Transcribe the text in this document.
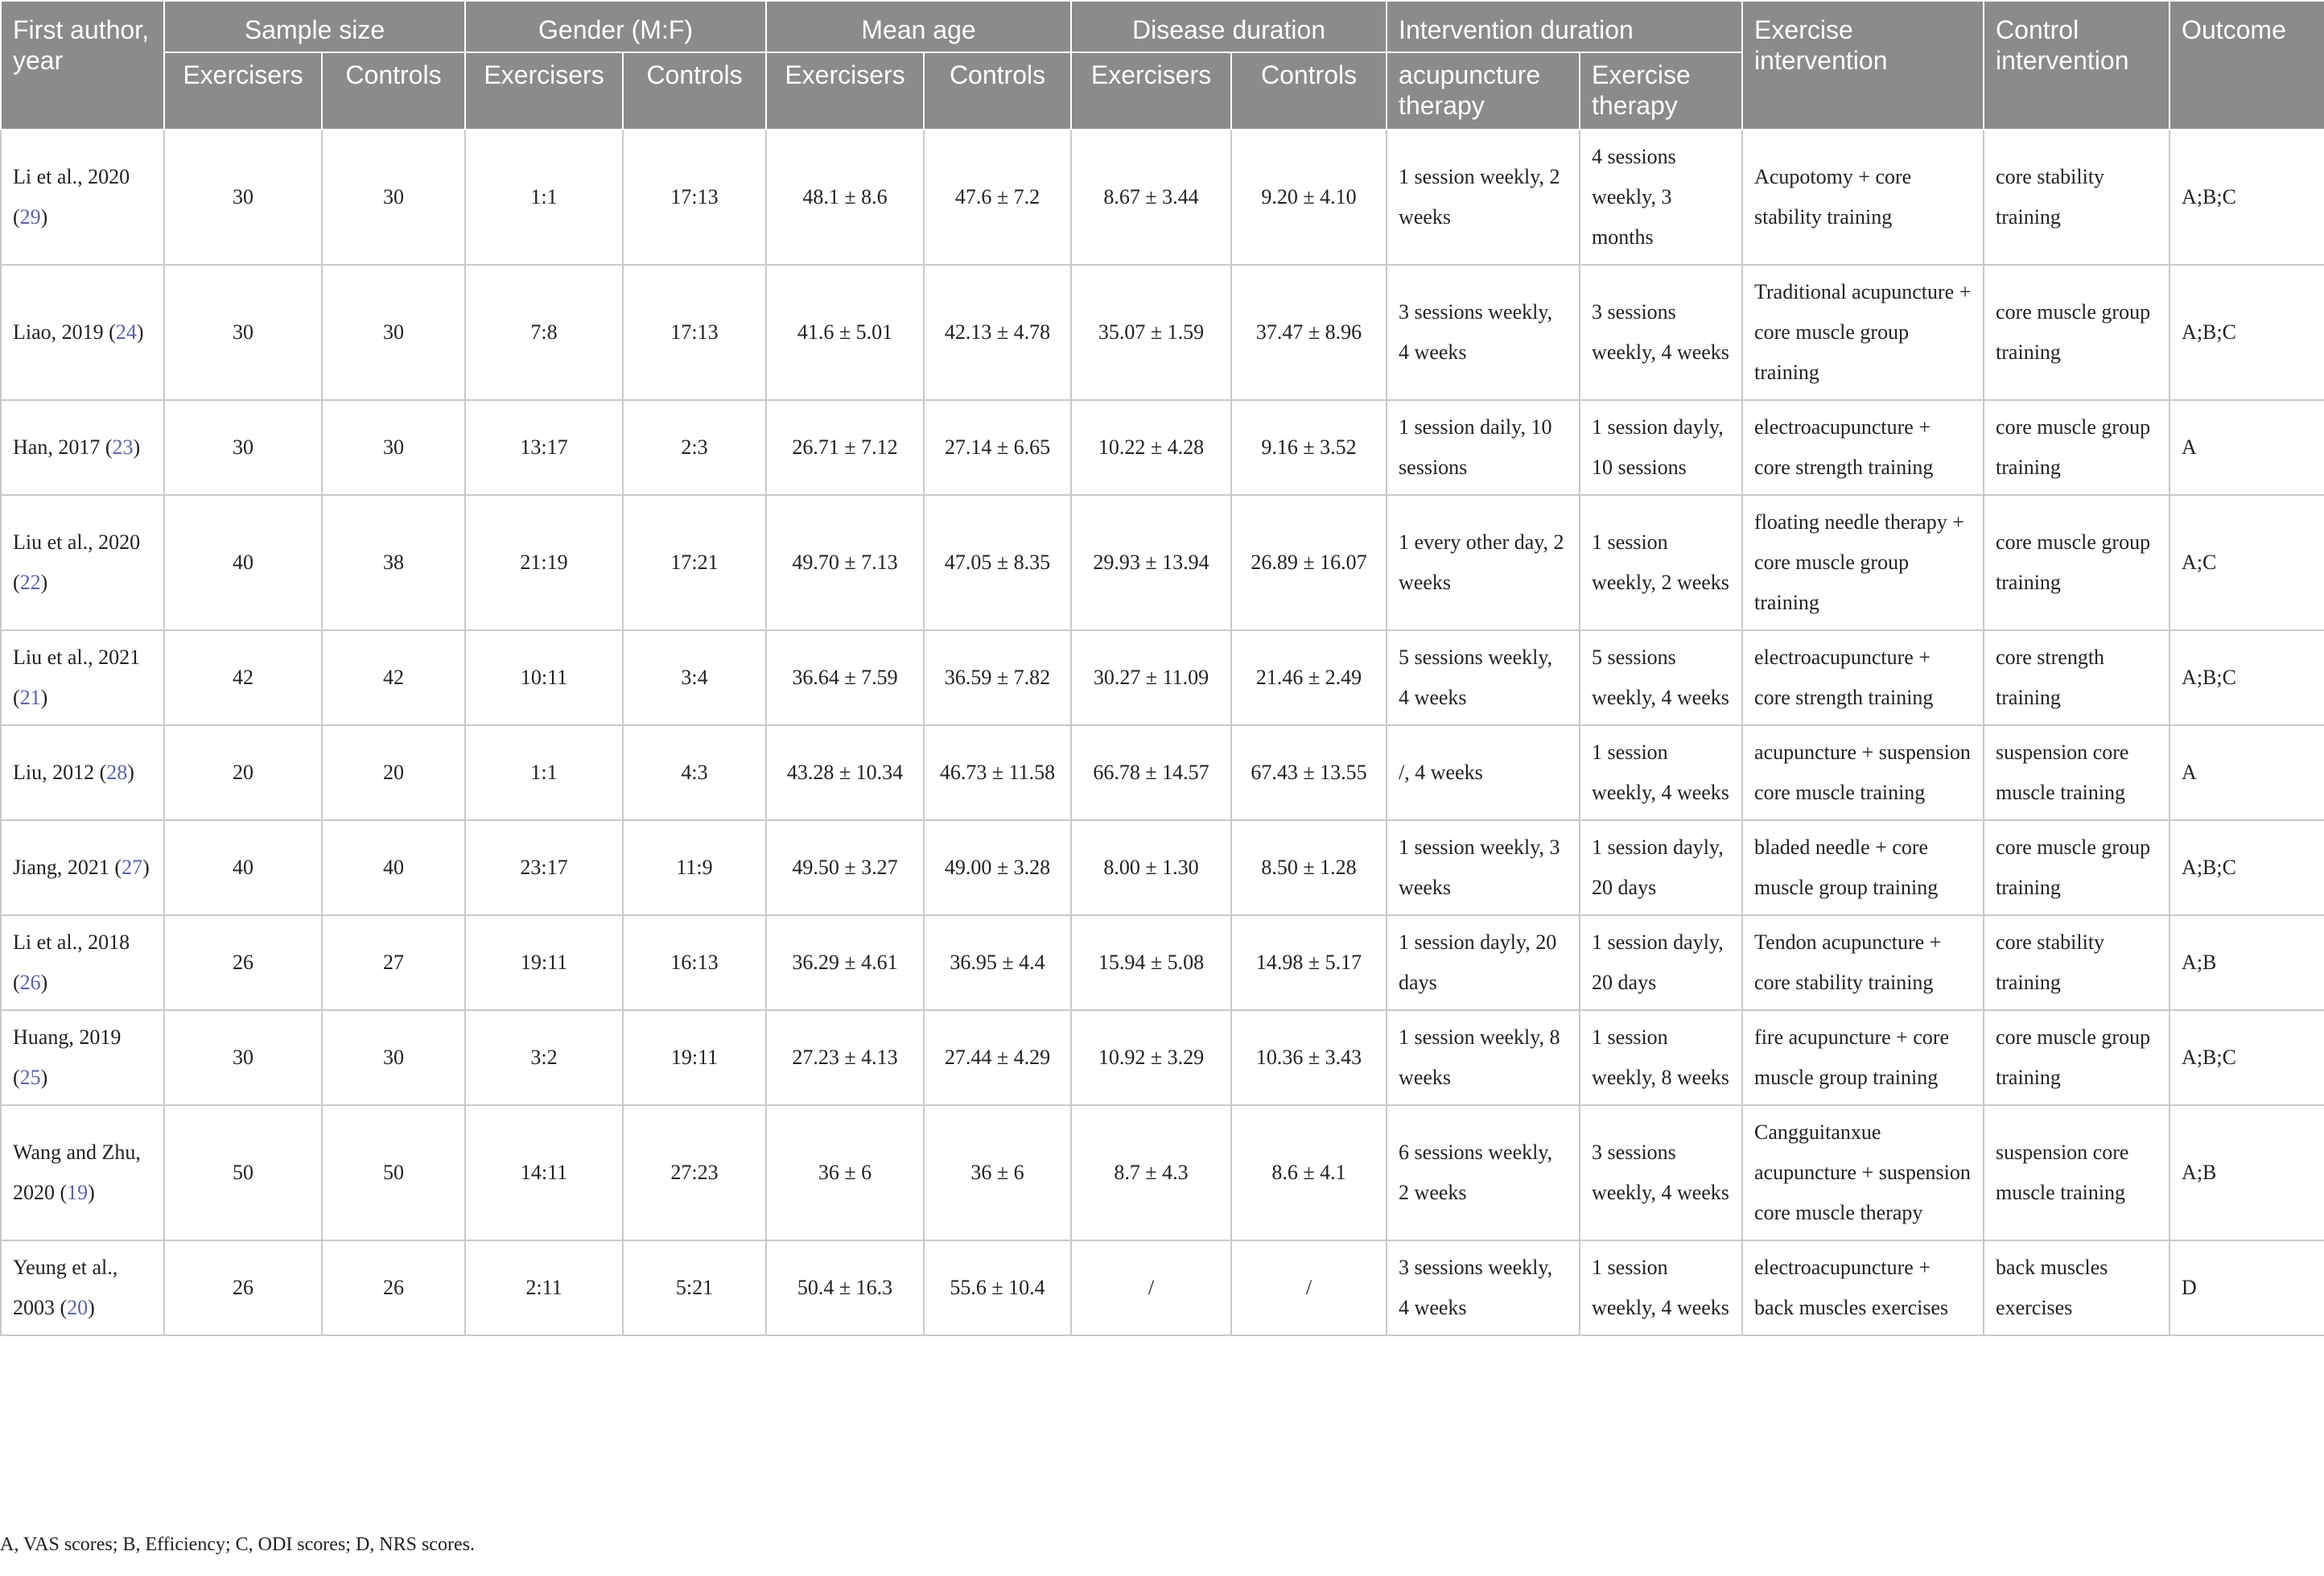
First author, year	Sample size		Gender (M:F)		Mean age		Disease duration		Intervention duration		Exercise intervention	Control intervention	Outcome
	Exercisers	Controls	Exercisers	Controls	Exercisers	Controls	Exercisers	Controls	acupuncture therapy	Exercise therapy			
Li et al., 2020 (29)	30	30	1:1	17:13	48.1 ± 8.6	47.6 ± 7.2	8.67 ± 3.44	9.20 ± 4.10	1 session weekly, 2 weeks	4 sessions weekly, 3 months	Acupotomy + core stability training	core stability training	A;B;C
Liao, 2019 (24)	30	30	7:8	17:13	41.6 ± 5.01	42.13 ± 4.78	35.07 ± 1.59	37.47 ± 8.96	3 sessions weekly, 4 weeks	3 sessions weekly, 4 weeks	Traditional acupuncture + core muscle group training	core muscle group training	A;B;C
Han, 2017 (23)	30	30	13:17	2:3	26.71 ± 7.12	27.14 ± 6.65	10.22 ± 4.28	9.16 ± 3.52	1 session daily, 10 sessions	1 session dayly, 10 sessions	electroacupuncture + core strength training	core muscle group training	A
Liu et al., 2020 (22)	40	38	21:19	17:21	49.70 ± 7.13	47.05 ± 8.35	29.93 ± 13.94	26.89 ± 16.07	1 every other day, 2 weeks	1 session weekly, 2 weeks	floating needle therapy + core muscle group training	core muscle group training	A;C
Liu et al., 2021 (21)	42	42	10:11	3:4	36.64 ± 7.59	36.59 ± 7.82	30.27 ± 11.09	21.46 ± 2.49	5 sessions weekly, 4 weeks	5 sessions weekly, 4 weeks	electroacupuncture + core strength training	core strength training	A;B;C
Liu, 2012 (28)	20	20	1:1	4:3	43.28 ± 10.34	46.73 ± 11.58	66.78 ± 14.57	67.43 ± 13.55	/, 4 weeks	1 session weekly, 4 weeks	acupuncture + suspension core muscle training	suspension core muscle training	A
Jiang, 2021 (27)	40	40	23:17	11:9	49.50 ± 3.27	49.00 ± 3.28	8.00 ± 1.30	8.50 ± 1.28	1 session weekly, 3 weeks	1 session dayly, 20 days	bladed needle + core muscle group training	core muscle group training	A;B;C
Li et al., 2018 (26)	26	27	19:11	16:13	36.29 ± 4.61	36.95 ± 4.4	15.94 ± 5.08	14.98 ± 5.17	1 session dayly, 20 days	1 session dayly, 20 days	Tendon acupuncture + core stability training	core stability training	A;B
Huang, 2019 (25)	30	30	3:2	19:11	27.23 ± 4.13	27.44 ± 4.29	10.92 ± 3.29	10.36 ± 3.43	1 session weekly, 8 weeks	1 session weekly, 8 weeks	fire acupuncture + core muscle group training	core muscle group training	A;B;C
Wang and Zhu, 2020 (19)	50	50	14:11	27:23	36 ± 6	36 ± 6	8.7 ± 4.3	8.6 ± 4.1	6 sessions weekly, 2 weeks	3 sessions weekly, 4 weeks	Cangguitanxue acupuncture + suspension core muscle therapy	suspension core muscle training	A;B
Yeung et al., 2003 (20)	26	26	2:11	5:21	50.4 ± 16.3	55.6 ± 10.4	/	/	3 sessions weekly, 4 weeks	1 session weekly, 4 weeks	electroacupuncture + back muscles exercises	back muscles exercises	D
A, VAS scores; B, Efficiency; C, ODI scores; D, NRS scores.
